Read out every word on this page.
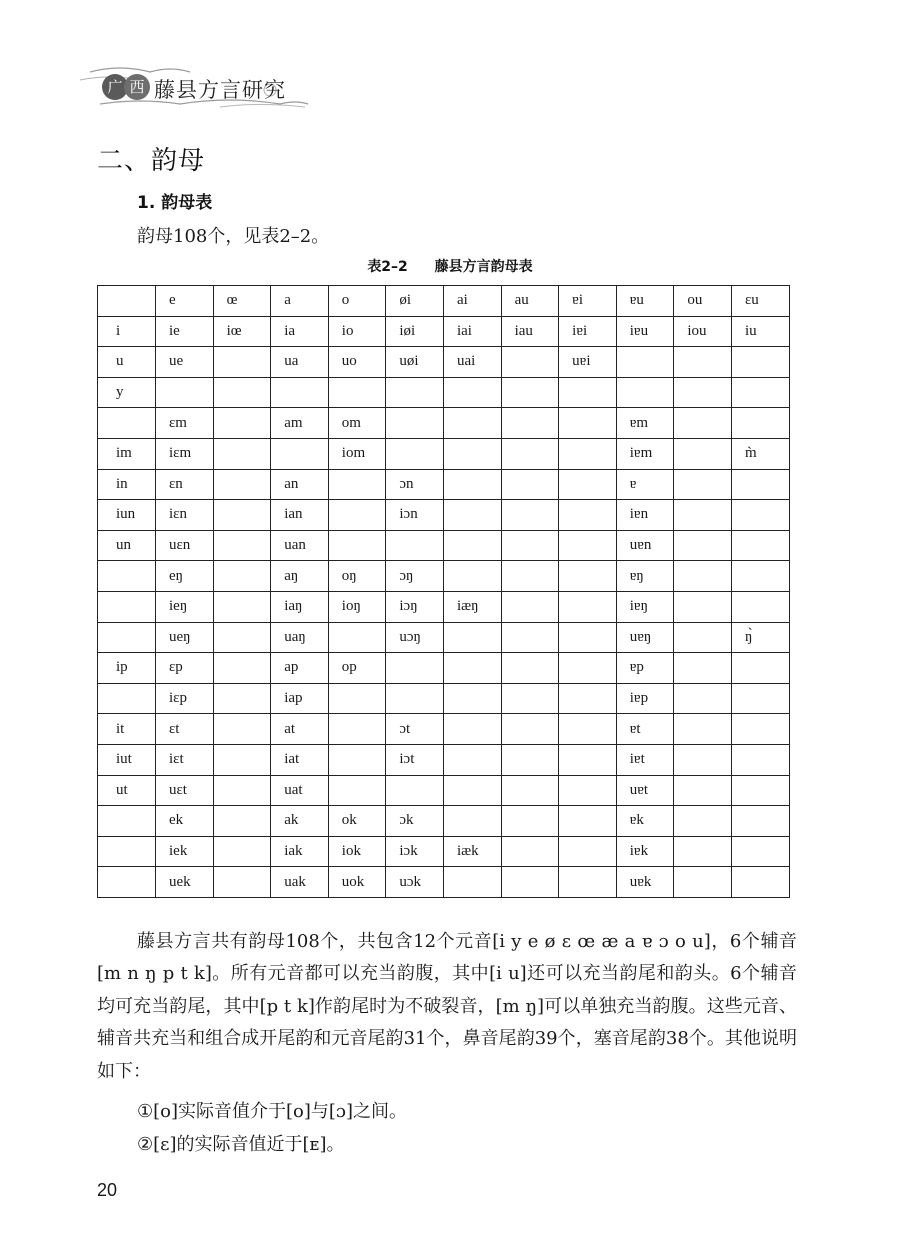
广 西 藤县方言研究
二、韵母
1. 韵母表
韵母108个，见表2–2。
表2–2 藤县方言韵母表
	e	œ	a	o	øi	ai	au	ɐi	ɐu	ou	ɛu
i	ie	iœ	ia	io	iøi	iai	iau	iɐi	iɐu	iou	iu
u	ue		ua	uo	uøi	uai		uɐi			
y											
	ɛm		am	om					ɐm		
im	iɛm			iom					iɐm		m̀
in	ɛn		an		ɔn				ɐ		
iun	iɛn		ian		iɔn				iɐn		
un	uɛn		uan						uɐn		
	eŋ		aŋ	oŋ	ɔŋ				ɐŋ		
	ieŋ		iaŋ	ioŋ	iɔŋ	iæŋ			iɐŋ		
	ueŋ		uaŋ		uɔŋ				uɐŋ		ŋ̀
ip	ɛp		ap	op					ɐp		
	iɛp		iap						iɐp		
it	ɛt		at		ɔt				ɐt		
iut	iɛt		iat		iɔt				iɐt		
ut	uɛt		uat						uɐt		
	ek		ak	ok	ɔk				ɐk		
	iek		iak	iok	iɔk	iæk			iɐk		
	uek		uak	uok	uɔk				uɐk		

藤县方言共有韵母108个，共包含12个元音[i y e ø ɛ œ æ a ɐ ɔ o u]，6个辅音[m n ŋ p t k]。所有元音都可以充当韵腹，其中[i u]还可以充当韵尾和韵头。6个辅音均可充当韵尾，其中[p t k]作韵尾时为不破裂音，[m ŋ]可以单独充当韵腹。这些元音、辅音共充当和组合成开尾韵和元音尾韵31个，鼻音尾韵39个，塞音尾韵38个。其他说明如下：

①[o]实际音值介于[o]与[ɔ]之间。
②[ɛ]的实际音值近于[ᴇ]。
20
